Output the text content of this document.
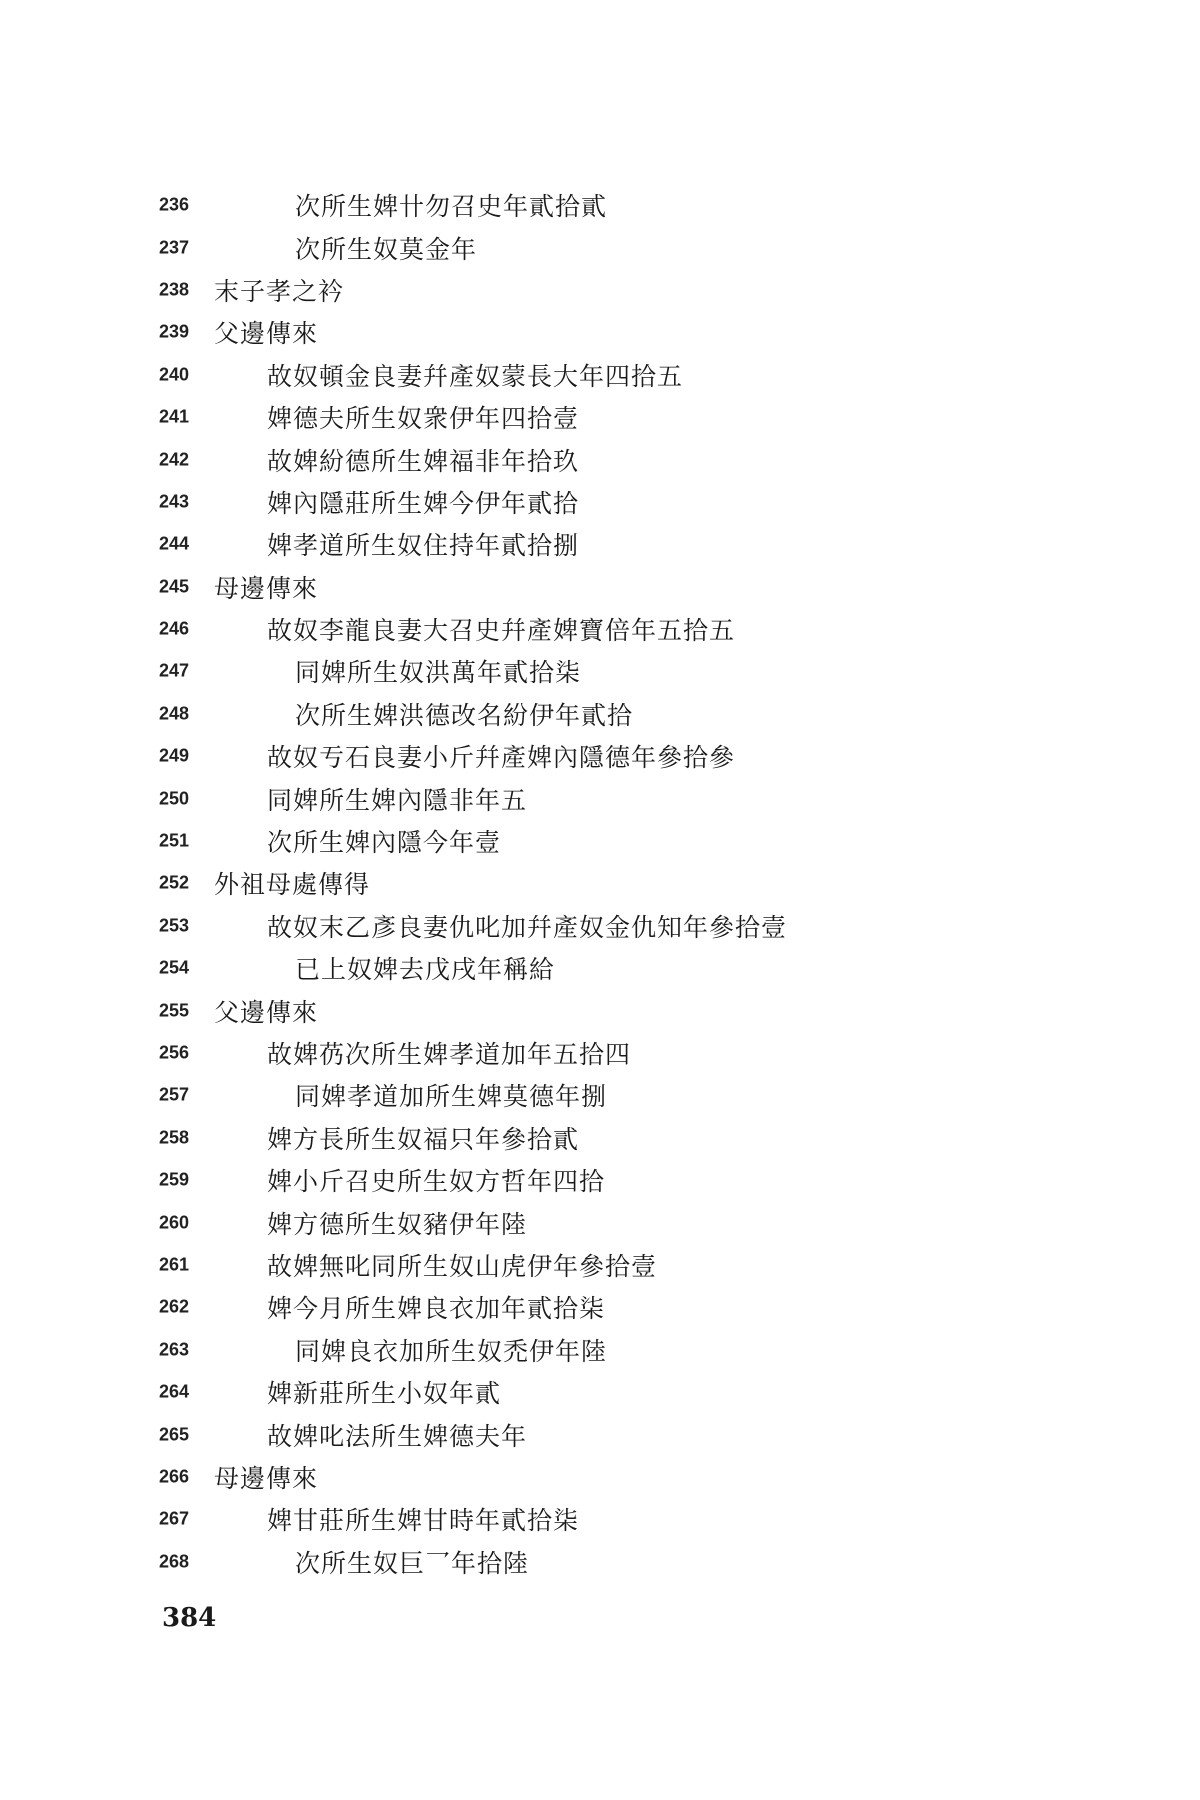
236	次所生婢卄勿召史年貳拾貳
237	次所生奴莫金年
238 末子孝之衿
239 父邊傳來
240	故奴頓金良妻幷產奴蒙長大年四拾五
241	婢德夫所生奴衆伊年四拾壹
242	故婢紛德所生婢福非年拾玖
243	婢內隱莊所生婢今伊年貳拾
244	婢孝道所生奴住持年貳拾捌
245 母邊傳來
246	故奴李龍良妻大召史幷產婢寶倍年五拾五
247	同婢所生奴洪萬年貳拾柒
248	次所生婢洪德改名紛伊年貳拾
249	故奴亐石良妻小斤幷產婢內隱德年參拾參
250	同婢所生婢內隱非年五
251	次所生婢內隱今年壹
252 外祖母處傳得
253	故奴末乙彥良妻仇叱加幷產奴金仇知年參拾壹
254	已上奴婢去戊戌年稱給
255 父邊傳來
256	故婢芿次所生婢孝道加年五拾四
257	同婢孝道加所生婢莫德年捌
258	婢方長所生奴福只年參拾貳
259	婢小斤召史所生奴方哲年四拾
260	婢方德所生奴豬伊年陸
261	故婢無叱同所生奴山虎伊年參拾壹
262	婢今月所生婢良衣加年貳拾柒
263	同婢良衣加所生奴禿伊年陸
264	婢新莊所生小奴年貳
265	故婢叱法所生婢德夫年
266 母邊傳來
267	婢甘莊所生婢甘時年貳拾柒
268	次所生奴巨乛年拾陸
384
